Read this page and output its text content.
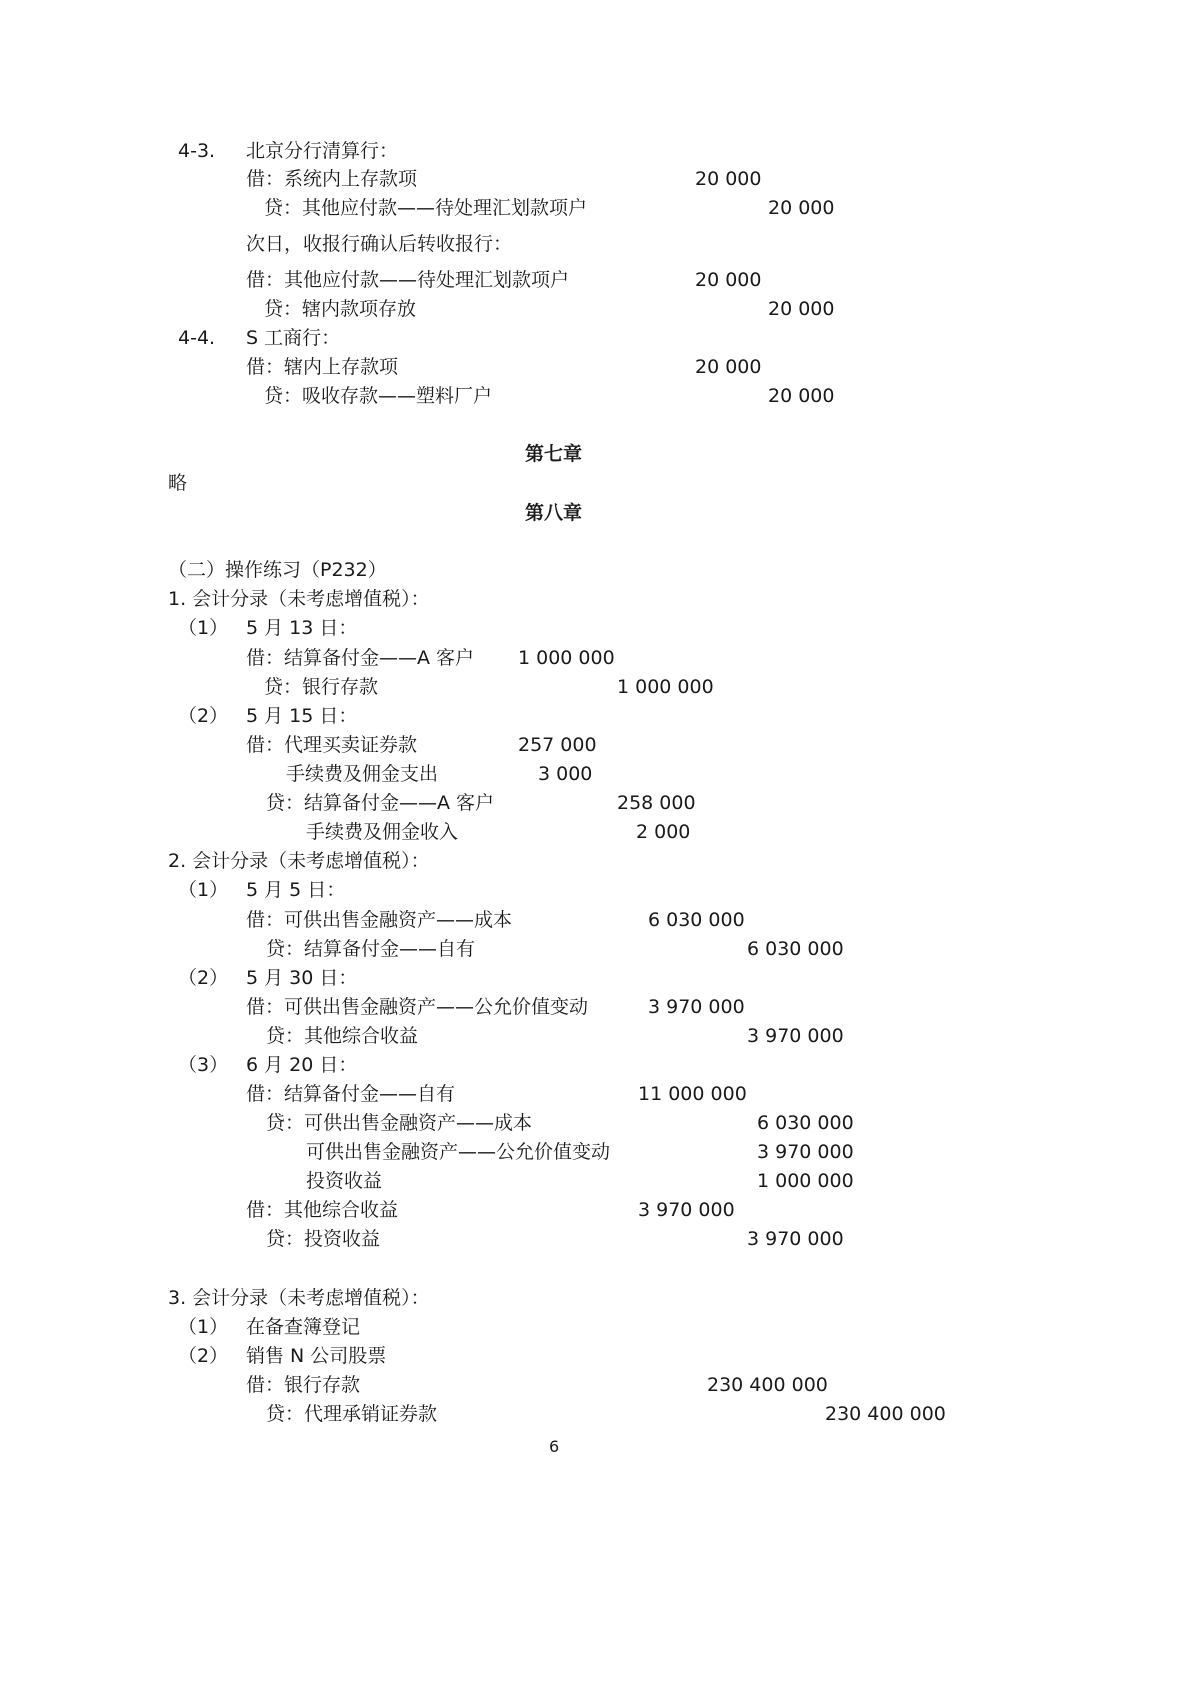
4-3. 北京分行清算行：
借：系统内上存款项	20 000
贷：其他应付款——待处理汇划款项户	20 000
次日，收报行确认后转收报行：
借：其他应付款——待处理汇划款项户	20 000
贷：辖内款项存放	20 000
4-4. S 工商行：
借：辖内上存款项	20 000
贷：吸收存款——塑料厂户	20 000
第七章
略
第八章
（二）操作练习（P232）
1. 会计分录（未考虑增值税）：
（1） 5 月 13 日：
借：结算备付金——A 客户 1 000 000
贷：银行存款	1 000 000
（2） 5 月 15 日：
借：代理买卖证券款	257 000
手续费及佣金支出	3 000
贷：结算备付金——A 客户	258 000
手续费及佣金收入	2 000
2. 会计分录（未考虑增值税）：
（1） 5 月 5 日：
借：可供出售金融资产——成本	6 030 000
贷：结算备付金——自有	6 030 000
（2） 5 月 30 日：
借：可供出售金融资产——公允价值变动	3 970 000
贷：其他综合收益	3 970 000
（3） 6 月 20 日：
借：结算备付金——自有	11 000 000
贷：可供出售金融资产——成本	6 030 000
可供出售金融资产——公允价值变动	3 970 000
投资收益	1 000 000
借：其他综合收益	3 970 000
贷：投资收益	3 970 000
3. 会计分录（未考虑增值税）：
（1） 在备查簿登记
（2） 销售 N 公司股票
借：银行存款	230 400 000
贷：代理承销证券款	230 400 000
6
